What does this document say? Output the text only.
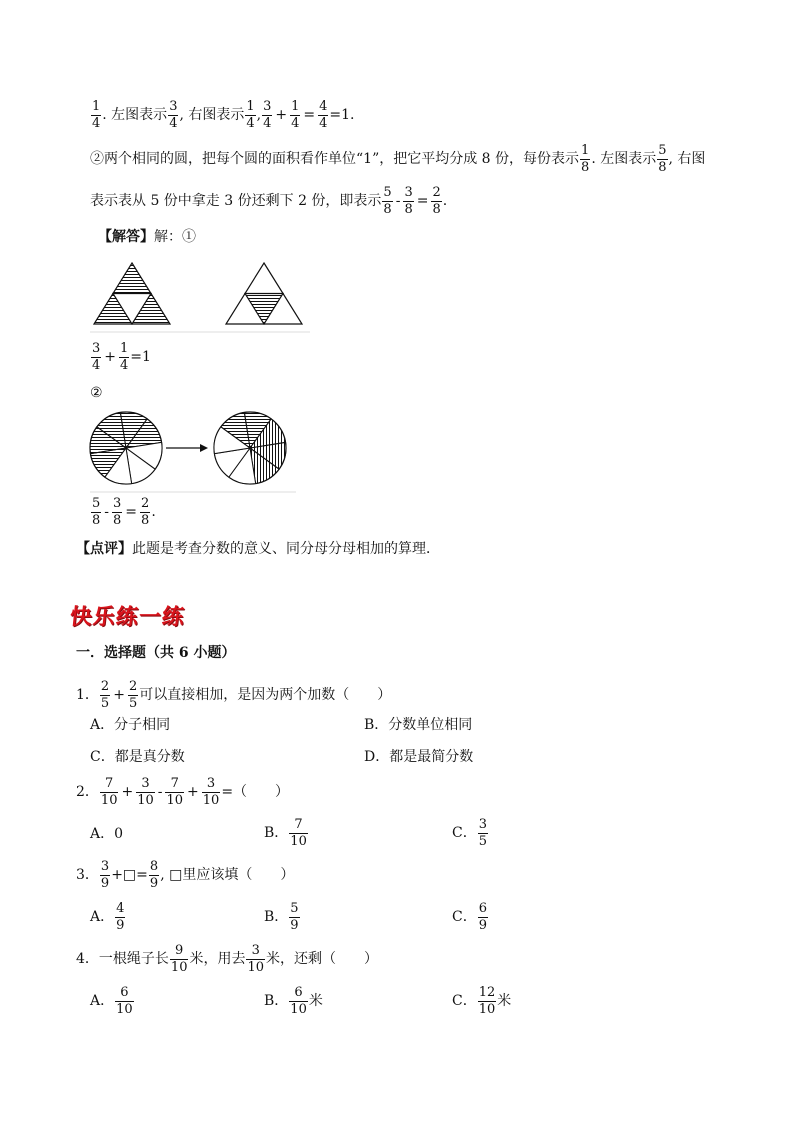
$\frac{1}{4}$ . 左图表示 $\frac{3}{4}$ , 右图表示 $\frac{1}{4}$ , $\frac{3}{4} + \frac{1}{4} = \frac{4}{4} =1$.
②两个相同的圆，把每个圆的面积看作单位“1”，把它平均分成 8 份，每份表示 $\frac{1}{8}$ . 左图表示 $\frac{5}{8}$ , 右图
表示表从 5 份中拿走 3 份还剩下 2 份，即表示 $\frac{5}{8} - \frac{3}{8} = \frac{2}{8}$ .
【解答】 解：①
$\frac{3}{4} + \frac{1}{4} =1$
②
$\frac{5}{8} - \frac{3}{8} = \frac{2}{8}$ .
【点评】 此题是考查分数的意义、同分母分母相加的算理．
快乐练一练
一．选择题（共 6 小题）
1． $\frac{2}{5} + \frac{2}{5}$ 可以直接相加，是因为两个加数（　　）
A．分子相同	B．分数单位相同
C．都是真分数	D．都是最简分数
2． $\frac{7}{10} + \frac{3}{10} - \frac{7}{10} + \frac{3}{10}$ =（　　）
A．0	B． $\frac{7}{10}$	C． $\frac{3}{5}$
3． $\frac{3}{9}$ +□= $\frac{8}{9}$ , □里应该填（　　）
A． $\frac{4}{9}$	B． $\frac{5}{9}$	C． $\frac{6}{9}$
4． 一根绳子长 $\frac{9}{10}$ 米，用去 $\frac{3}{10}$ 米，还剩（　　）
A． $\frac{6}{10}$	B． $\frac{6}{10}$ 米	C． $\frac{12}{10}$ 米
